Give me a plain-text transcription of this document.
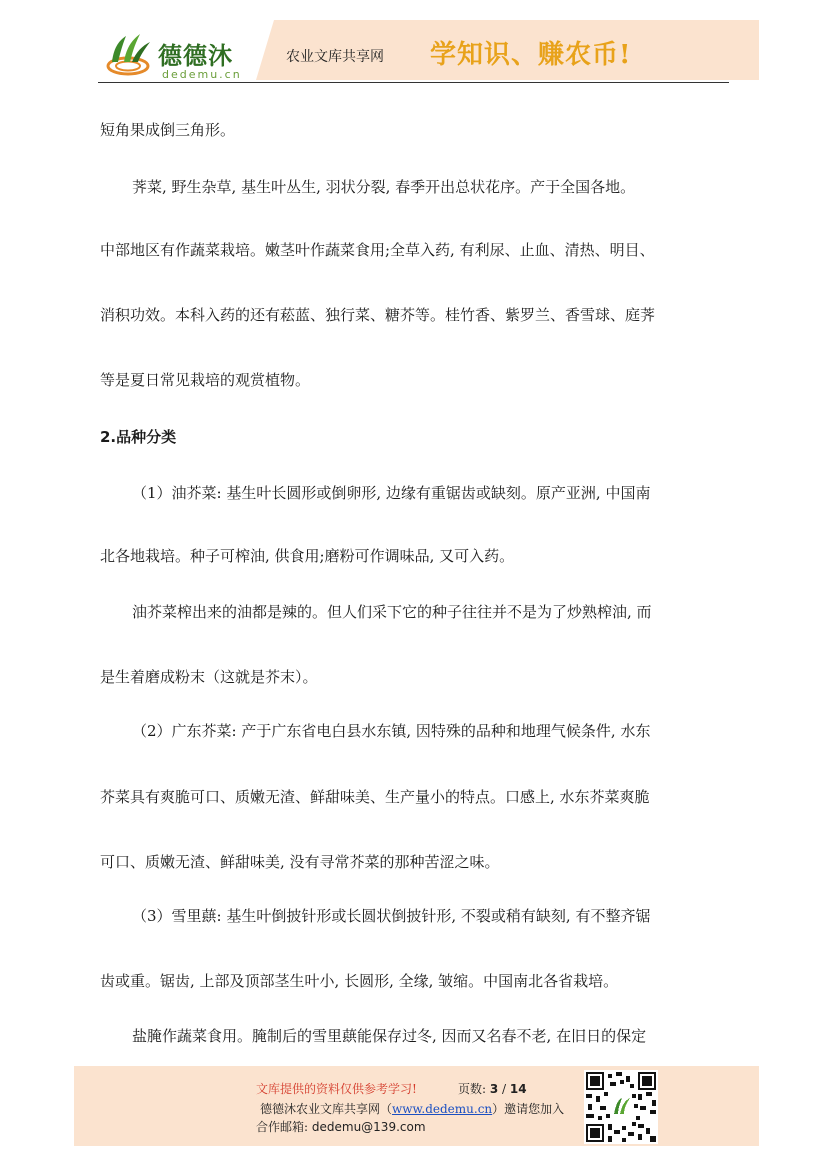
德德沐
dedemu.cn
农业文库共享网 学知识、赚农币!
短角果成倒三角形。
荠菜, 野生杂草, 基生叶丛生, 羽状分裂, 春季开出总状花序。产于全国各地。
中部地区有作蔬菜栽培。嫩茎叶作蔬菜食用;全草入药, 有利尿、止血、清热、明目、
消积功效。本科入药的还有菘蓝、独行菜、糖芥等。桂竹香、紫罗兰、香雪球、庭荠
等是夏日常见栽培的观赏植物。
2.品种分类
（1）油芥菜: 基生叶长圆形或倒卵形, 边缘有重锯齿或缺刻。原产亚洲, 中国南
北各地栽培。种子可榨油, 供食用;磨粉可作调味品, 又可入药。
油芥菜榨出来的油都是辣的。但人们采下它的种子往往并不是为了炒熟榨油, 而
是生着磨成粉末（这就是芥末）。
（2）广东芥菜: 产于广东省电白县水东镇, 因特殊的品种和地理气候条件, 水东
芥菜具有爽脆可口、质嫩无渣、鲜甜味美、生产量小的特点。口感上, 水东芥菜爽脆
可口、质嫩无渣、鲜甜味美, 没有寻常芥菜的那种苦涩之味。
（3）雪里蕻: 基生叶倒披针形或长圆状倒披针形, 不裂或稍有缺刻, 有不整齐锯
齿或重。锯齿, 上部及顶部茎生叶小, 长圆形, 全缘, 皱缩。中国南北各省栽培。
盐腌作蔬菜食用。腌制后的雪里蕻能保存过冬, 因而又名春不老, 在旧日的保定
文库提供的资料仅供参考学习!	页数: 3 / 14
德德沐农业文库共享网（www.dedemu.cn）邀请您加入
合作邮箱: dedemu@139.com
